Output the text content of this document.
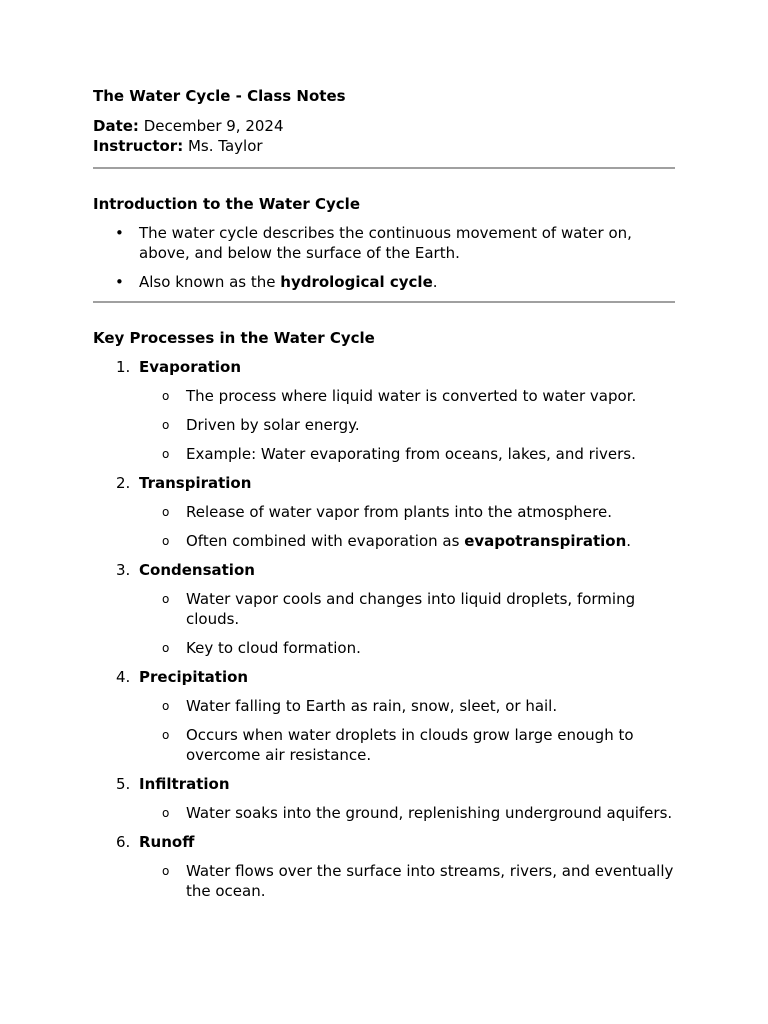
The Water Cycle - Class Notes

Date: December 9, 2024

Instructor: Ms. Taylor

Introduction to the Water Cycle

• The water cycle describes the continuous movement of water on, above, and below the surface of the Earth.
• Also known as the hydrological cycle.

Key Processes in the Water Cycle

1. Evaporation
o The process where liquid water is converted to water vapor.
o Driven by solar energy.
o Example: Water evaporating from oceans, lakes, and rivers.
2. Transpiration
o Release of water vapor from plants into the atmosphere.
o Often combined with evaporation as evapotranspiration.
3. Condensation
o Water vapor cools and changes into liquid droplets, forming clouds.
o Key to cloud formation.
4. Precipitation
o Water falling to Earth as rain, snow, sleet, or hail.
o Occurs when water droplets in clouds grow large enough to overcome air resistance.
5. Infiltration
o Water soaks into the ground, replenishing underground aquifers.
6. Runoff
o Water flows over the surface into streams, rivers, and eventually the ocean.
